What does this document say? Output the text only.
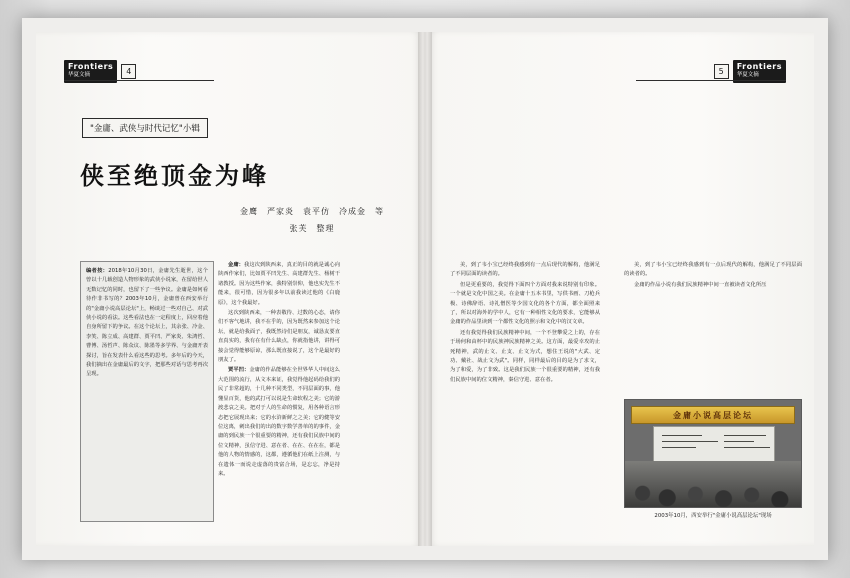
Frontiers
华夏文摘	4
Frontiers
华夏文摘
5
"金庸、武侠与时代记忆"小辑
侠至绝顶金为峰
金鹰　严家炎　袁平仿　冷成金　等
张芙　整理

编者按：2018年10月30日，金庸先生逝世，这个曾以十几载创造人物形象的武侠小说家，在留给世人无数记忆的同时，也留下了一些争议。金庸是如何看待作非书写的？2003年10月，金庸曾在西安举行的"金庸小说高层论坛"上，畅谈过一些对自己、对武侠小说的看法。这些看法也在一定程度上，回应着他自身所留下的争议。在这个论坛上，其余张、冷金、李笑、陈立成、高建群、贾平凹、严家炎、朱鸿哲、曹博、汤哲声、陈众议、陈墨等多学界、与金庸开表探讨，旨在发表什么看这些的思考。多年后的今天，我们摘出在金庸最后的文字，把那些对话与思考再次呈现。

金庸：我这次到陕西来，真正的目的就是诚心向陕西作家们，比如贾平凹先生、高建群先生、杨树干诸教授。因为这些作家，我特别崇仰，他也实先生不能来，很可惜，因为很多年以前我读过他的《白鹿原》，这个我最好。

这次到陕西来，一种表敬待、过数的心态，请你们不客气地讲，我不在乎的，因为既然来参加这个论坛，就是给我面子，我既然诗们是朋友，诚恳友要直直真实的，我有在有什么缺点，你就指他讲，讲得可接会觉得能够原谅，那么既直接说了，这个是最好的朋友了。

贾平凹：金庸的作品能够在全世界华人中间这么大范围的流行，从文本来证，我觉得他起码给我们的民了非常超的，十几种不同类型，不同层面的事，他懂显百货，他的武打可以说是生命软程之美；它的游渡悲哀之美。把对于人的生命的惯复，用各种语言形态把它展现出来；它的水浒新鲜之之美；它的健等安位这离，刺出我们的出的数字数学善单的的事件，金庸的到民族一个很重要的精神，还有我们民族中间的位文精神，虽信守进、意在者、在在、在在在，都是他的人物的情感的，这都，遵循他们在纸上注测，与在遗体一而说走虚落的贵富合场，是忘忘，净是持来。

美，到了韦小宝已经终我感到有一点后现代的解构，他满足了不同层面的读者的。

但是更重要的，我觉得下面四个方面对我来说特别有印象。一个就是文化中国之美。在金庸十五本书里，写供书画、刀枪兵极、诗佛辞语、诗礼僧医等少国文化的各个方面，都全面照来了，所以对海外的学中人，它有一种相性文化的要求，它能够从金庸的作品里读到一个都性文化的照示和文化中的汉文章。

还有我觉得我们民族精神中间，一个不登攀爱之上的，存在于场何和由杯中的民族神民族精神之美。这方面，最爱幸攻的止死精神，武的止文、止支、止文为式，想住王说的"大武、定功、戴社、战止文为武"。同样，同样最后的目的是为了求文，为了和爱，为了非致。这是我们民族一个很重要的精神，还有我们民族中间的位文精神，秦信守进、意在者。

美，到了韦小宝已经终我感到有一点后现代的解构，他满足了不同层面的读者的。

金庸的作品小说有我们民族精神中间一直被读者文化所压

金庸小说高层论坛
2003年10月，西安举行"金庸小说高层论坛"现场
